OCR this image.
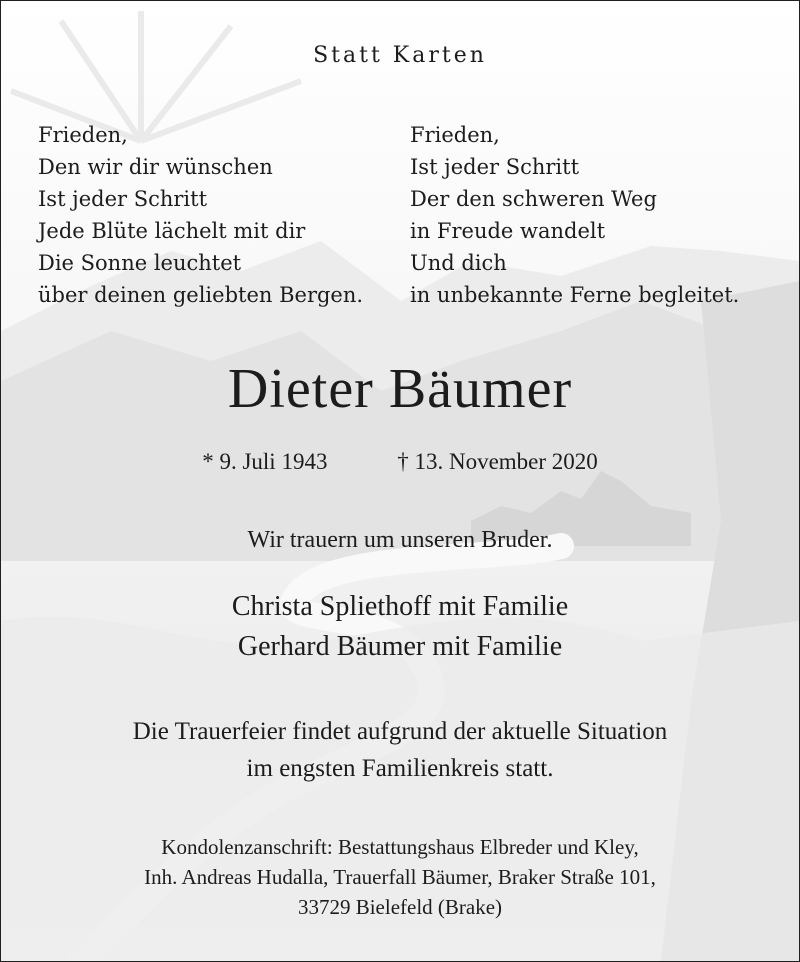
Statt Karten
Frieden,
Den wir dir wünschen
Ist jeder Schritt
Jede Blüte lächelt mit dir
Die Sonne leuchtet
über deinen geliebten Bergen.
Frieden,
Ist jeder Schritt
Der den schweren Weg
in Freude wandelt
Und dich
in unbekannte Ferne begleitet.
Dieter Bäumer
* 9. Juli 1943	† 13. November 2020

Wir trauern um unseren Bruder.

Christa Spliethoff mit Familie
Gerhard Bäumer mit Familie

Die Trauerfeier findet aufgrund der aktuelle Situation
im engsten Familienkreis statt.

Kondolenzanschrift: Bestattungshaus Elbreder und Kley,
Inh. Andreas Hudalla, Trauerfall Bäumer, Braker Straße 101,
33729 Bielefeld (Brake)
